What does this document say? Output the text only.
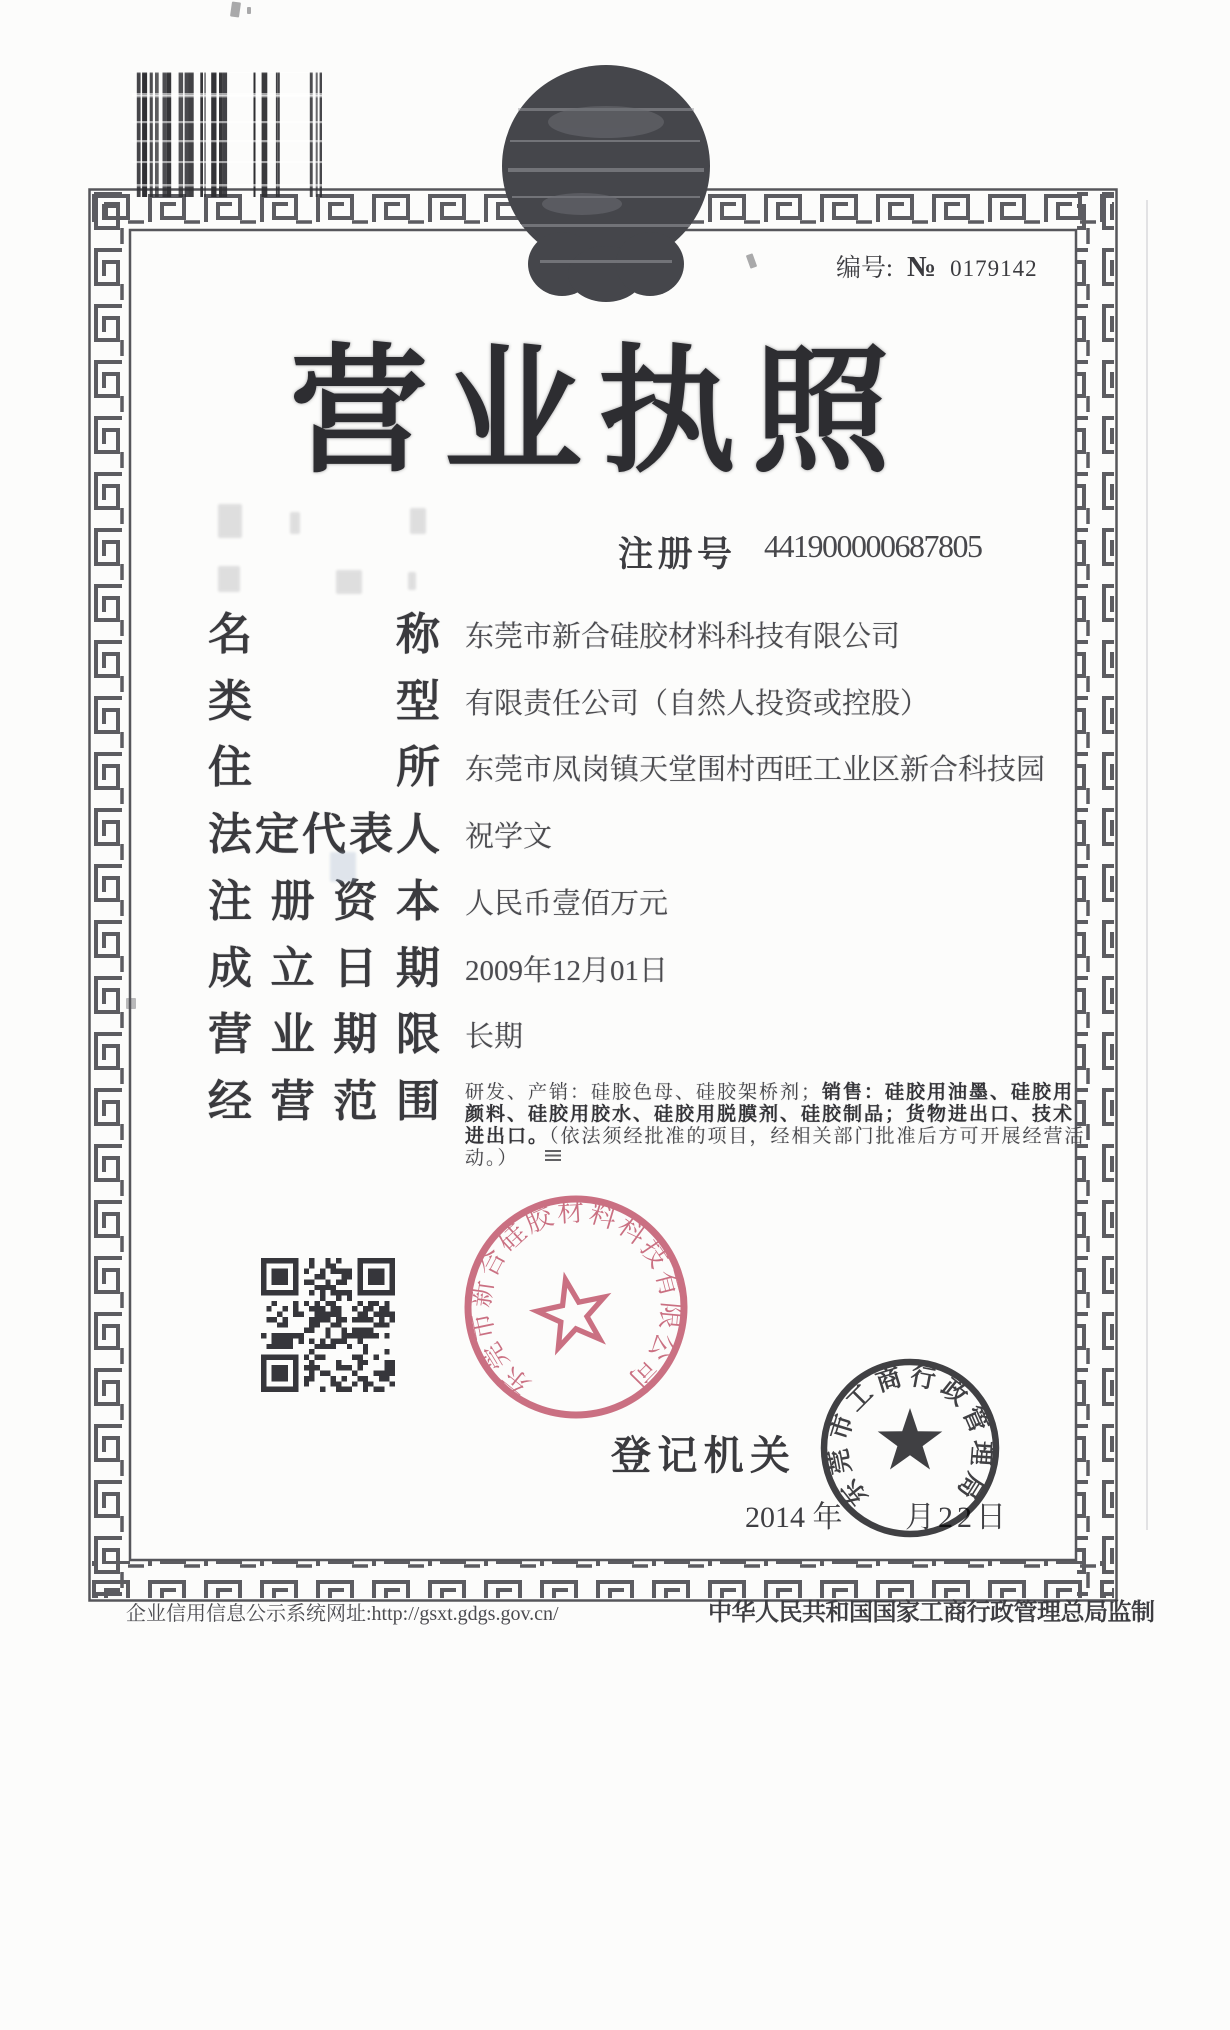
编号: № 0179142
营 业 执 照
注 册 号 441900000687805
名	称 东莞市新合硅胶材料科技有限公司
类	型 有限责任公司（自然人投资或控股）
住	所 东莞市凤岗镇天堂围村西旺工业区新合科技园
法 定 代 表 人 祝学文
注 册 资 本 人民币壹佰万元
成 立 日 期 2009年12月01日
营 业 期 限 长期
经 营 范 围 研发、产销：硅胶色母、硅胶架桥剂；销售：硅胶用油墨、硅胶用颜料、硅胶用胶水、硅胶用脱膜剂、硅胶制品；货物进出口、技术进出口。（依法须经批准的项目，经相关部门批准后方可开展经营活动。）
东莞市新合硅胶材料科技有限公司
登 记 机 关
2014 年 月 22日
东莞市工商行政管理局
企业信用信息公示系统网址:http://gsxt.gdgs.gov.cn/	中华人民共和国国家工商行政管理总局监制
